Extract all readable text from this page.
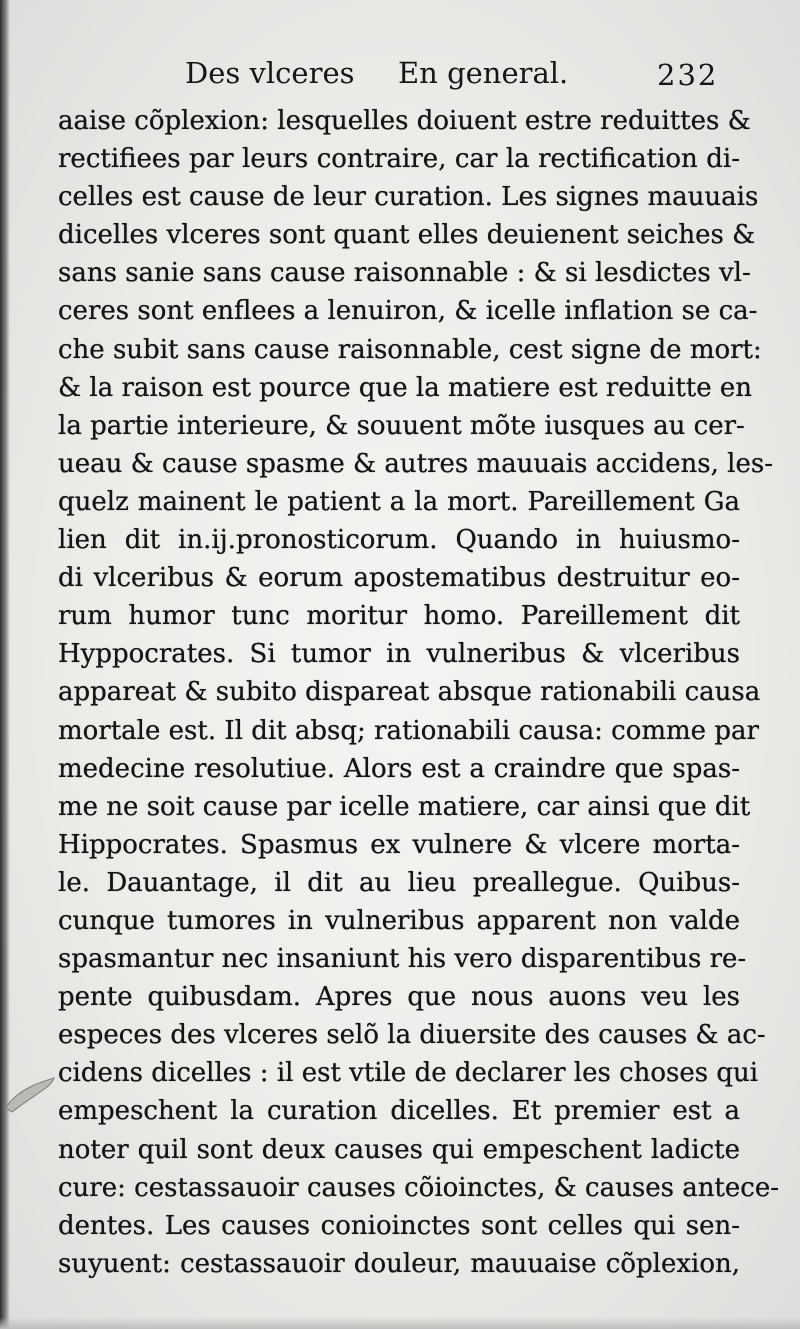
Des vlceres En general.	232
aaise cõplexion: lesquelles doiuent estre reduittes &
rectifiees par leurs contraire, car la rectification di-
celles est cause de leur curation. Les signes mauuais
dicelles vlceres sont quant elles deuienent seiches &
sans sanie sans cause raisonnable : & si lesdictes vl-
ceres sont enflees a lenuiron, & icelle inflation se ca-
che subit sans cause raisonnable, cest signe de mort:
& la raison est pource que la matiere est reduitte en
la partie interieure, & souuent mõte iusques au cer-
ueau & cause spasme & autres mauuais accidens, les-
quelz mainent le patient a la mort. Pareillement Ga
lien dit in.ij.pronosticorum. Quando in huiusmo-
di vlceribus & eorum apostematibus destruitur eo-
rum humor tunc moritur homo. Pareillement dit
Hyppocrates. Si tumor in vulneribus & vlceribus
appareat & subito dispareat absque rationabili causa
mortale est. Il dit absq; rationabili causa: comme par
medecine resolutiue. Alors est a craindre que spas-
me ne soit cause par icelle matiere, car ainsi que dit
Hippocrates. Spasmus ex vulnere & vlcere morta-
le. Dauantage, il dit au lieu preallegue. Quibus-
cunque tumores in vulneribus apparent non valde
spasmantur nec insaniunt his vero disparentibus re-
pente quibusdam. Apres que nous auons veu les
especes des vlceres selõ la diuersite des causes & ac-
cidens dicelles : il est vtile de declarer les choses qui
empeschent la curation dicelles. Et premier est a
noter quil sont deux causes qui empeschent ladicte
cure: cestassauoir causes cõioinctes, & causes antece-
dentes. Les causes conioinctes sont celles qui sen-
suyuent: cestassauoir douleur, mauuaise cõplexion,
